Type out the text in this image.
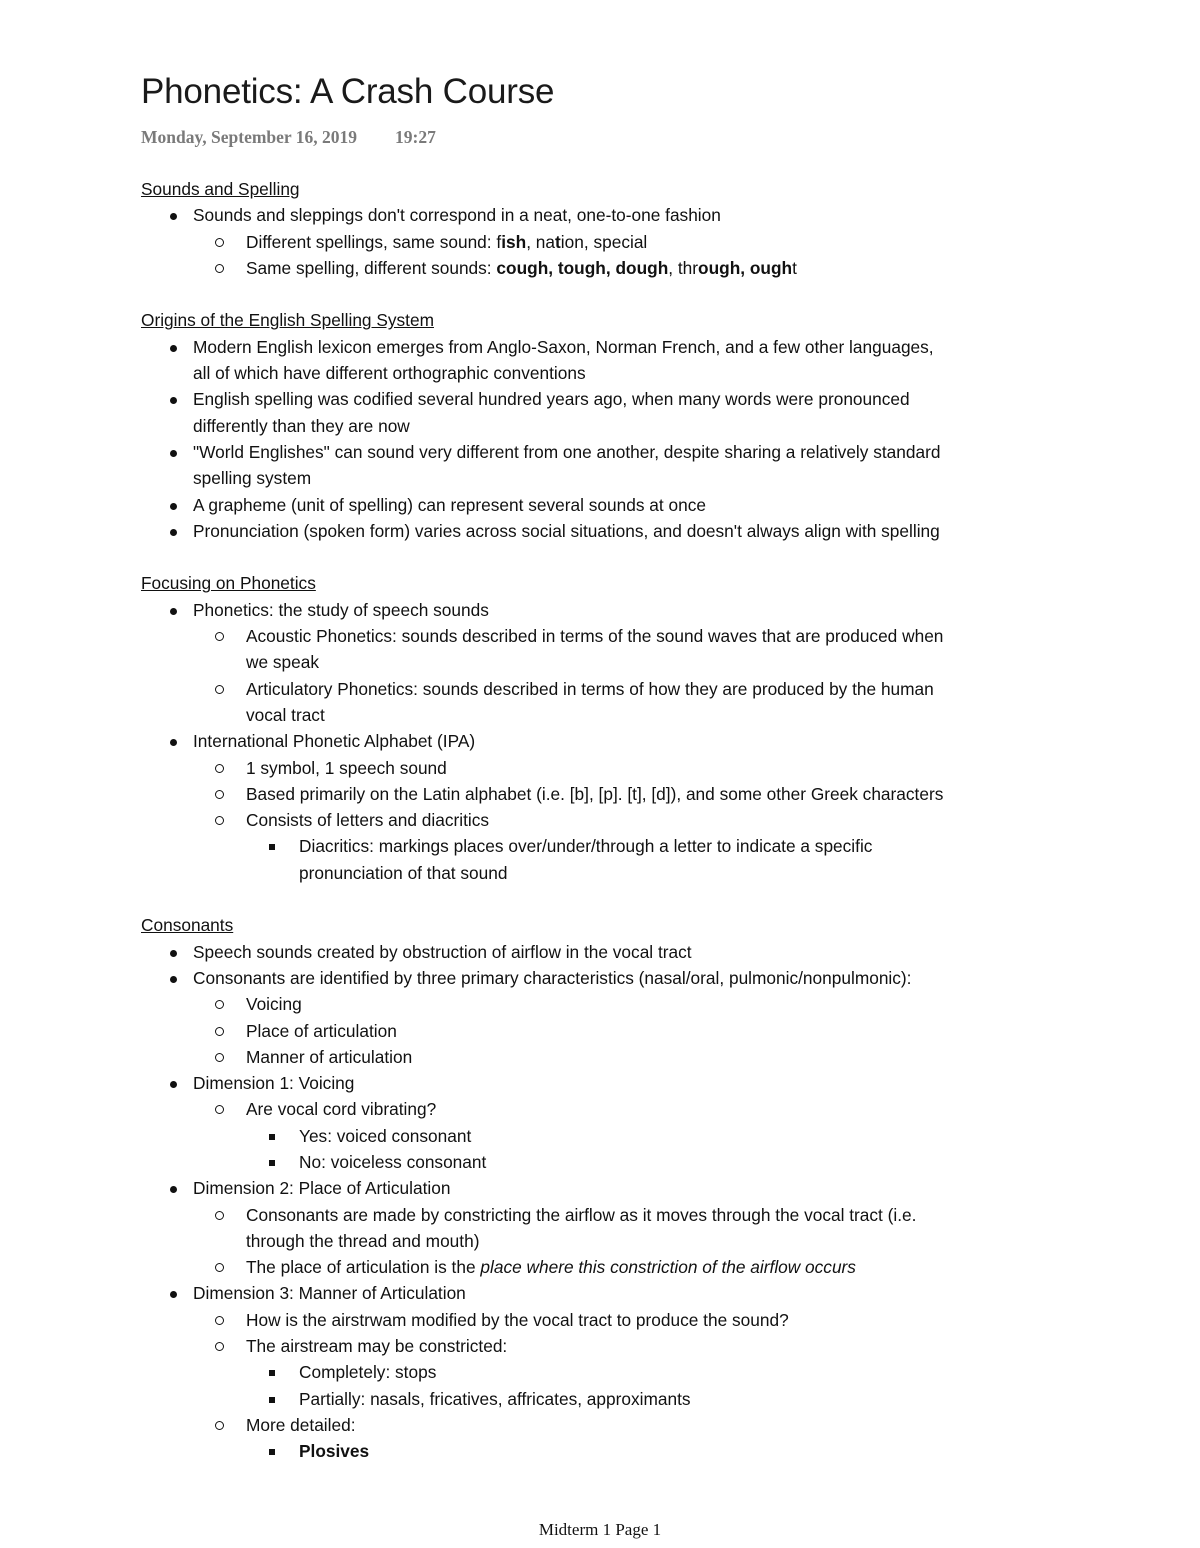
Phonetics: A Crash Course
Monday, September 16, 2019 19:27
Sounds and Spelling
Sounds and sleppings don't correspond in a neat, one-to-one fashion
Different spellings, same sound: fish, nation, special
Same spelling, different sounds: cough, tough, dough, through, ought
Origins of the English Spelling System
Modern English lexicon emerges from Anglo-Saxon, Norman French, and a few other languages,
all of which have different orthographic conventions
English spelling was codified several hundred years ago, when many words were pronounced
differently than they are now
"World Englishes" can sound very different from one another, despite sharing a relatively standard
spelling system
A grapheme (unit of spelling) can represent several sounds at once
Pronunciation (spoken form) varies across social situations, and doesn't always align with spelling
Focusing on Phonetics
Phonetics: the study of speech sounds
Acoustic Phonetics: sounds described in terms of the sound waves that are produced when
we speak
Articulatory Phonetics: sounds described in terms of how they are produced by the human
vocal tract
International Phonetic Alphabet (IPA)
1 symbol, 1 speech sound
Based primarily on the Latin alphabet (i.e. [b], [p]. [t], [d]), and some other Greek characters
Consists of letters and diacritics
Diacritics: markings places over/under/through a letter to indicate a specific
pronunciation of that sound
Consonants
Speech sounds created by obstruction of airflow in the vocal tract
Consonants are identified by three primary characteristics (nasal/oral, pulmonic/nonpulmonic):
Voicing
Place of articulation
Manner of articulation
Dimension 1: Voicing
Are vocal cord vibrating?
Yes: voiced consonant
No: voiceless consonant
Dimension 2: Place of Articulation
Consonants are made by constricting the airflow as it moves through the vocal tract (i.e.
through the thread and mouth)
The place of articulation is the place where this constriction of the airflow occurs
Dimension 3: Manner of Articulation
How is the airstrwam modified by the vocal tract to produce the sound?
The airstream may be constricted:
Completely: stops
Partially: nasals, fricatives, affricates, approximants
More detailed:
Plosives
Midterm 1 Page 1
